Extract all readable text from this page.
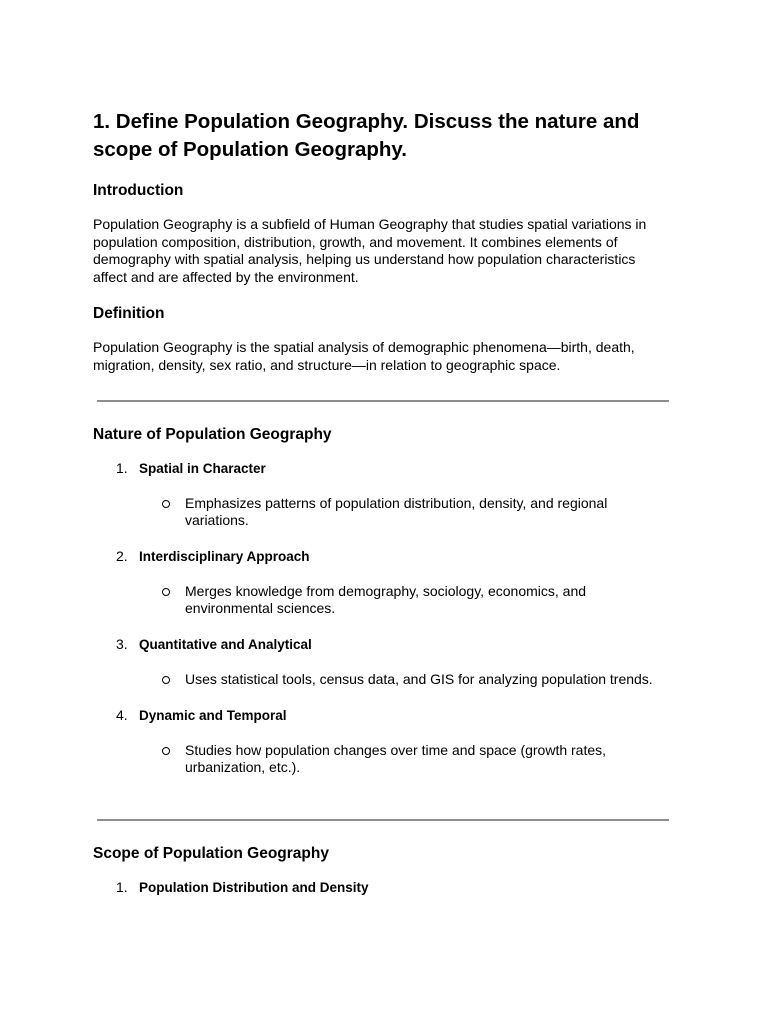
1. Define Population Geography. Discuss the nature and scope of Population Geography.
Introduction

Population Geography is a subfield of Human Geography that studies spatial variations in population composition, distribution, growth, and movement. It combines elements of demography with spatial analysis, helping us understand how population characteristics affect and are affected by the environment.

Definition

Population Geography is the spatial analysis of demographic phenomena—birth, death, migration, density, sex ratio, and structure—in relation to geographic space.

Nature of Population Geography
1. Spatial in Character
Emphasizes patterns of population distribution, density, and regional variations.
2. Interdisciplinary Approach
Merges knowledge from demography, sociology, economics, and environmental sciences.
3. Quantitative and Analytical
Uses statistical tools, census data, and GIS for analyzing population trends.
4. Dynamic and Temporal
Studies how population changes over time and space (growth rates, urbanization, etc.).
Scope of Population Geography
1. Population Distribution and Density
